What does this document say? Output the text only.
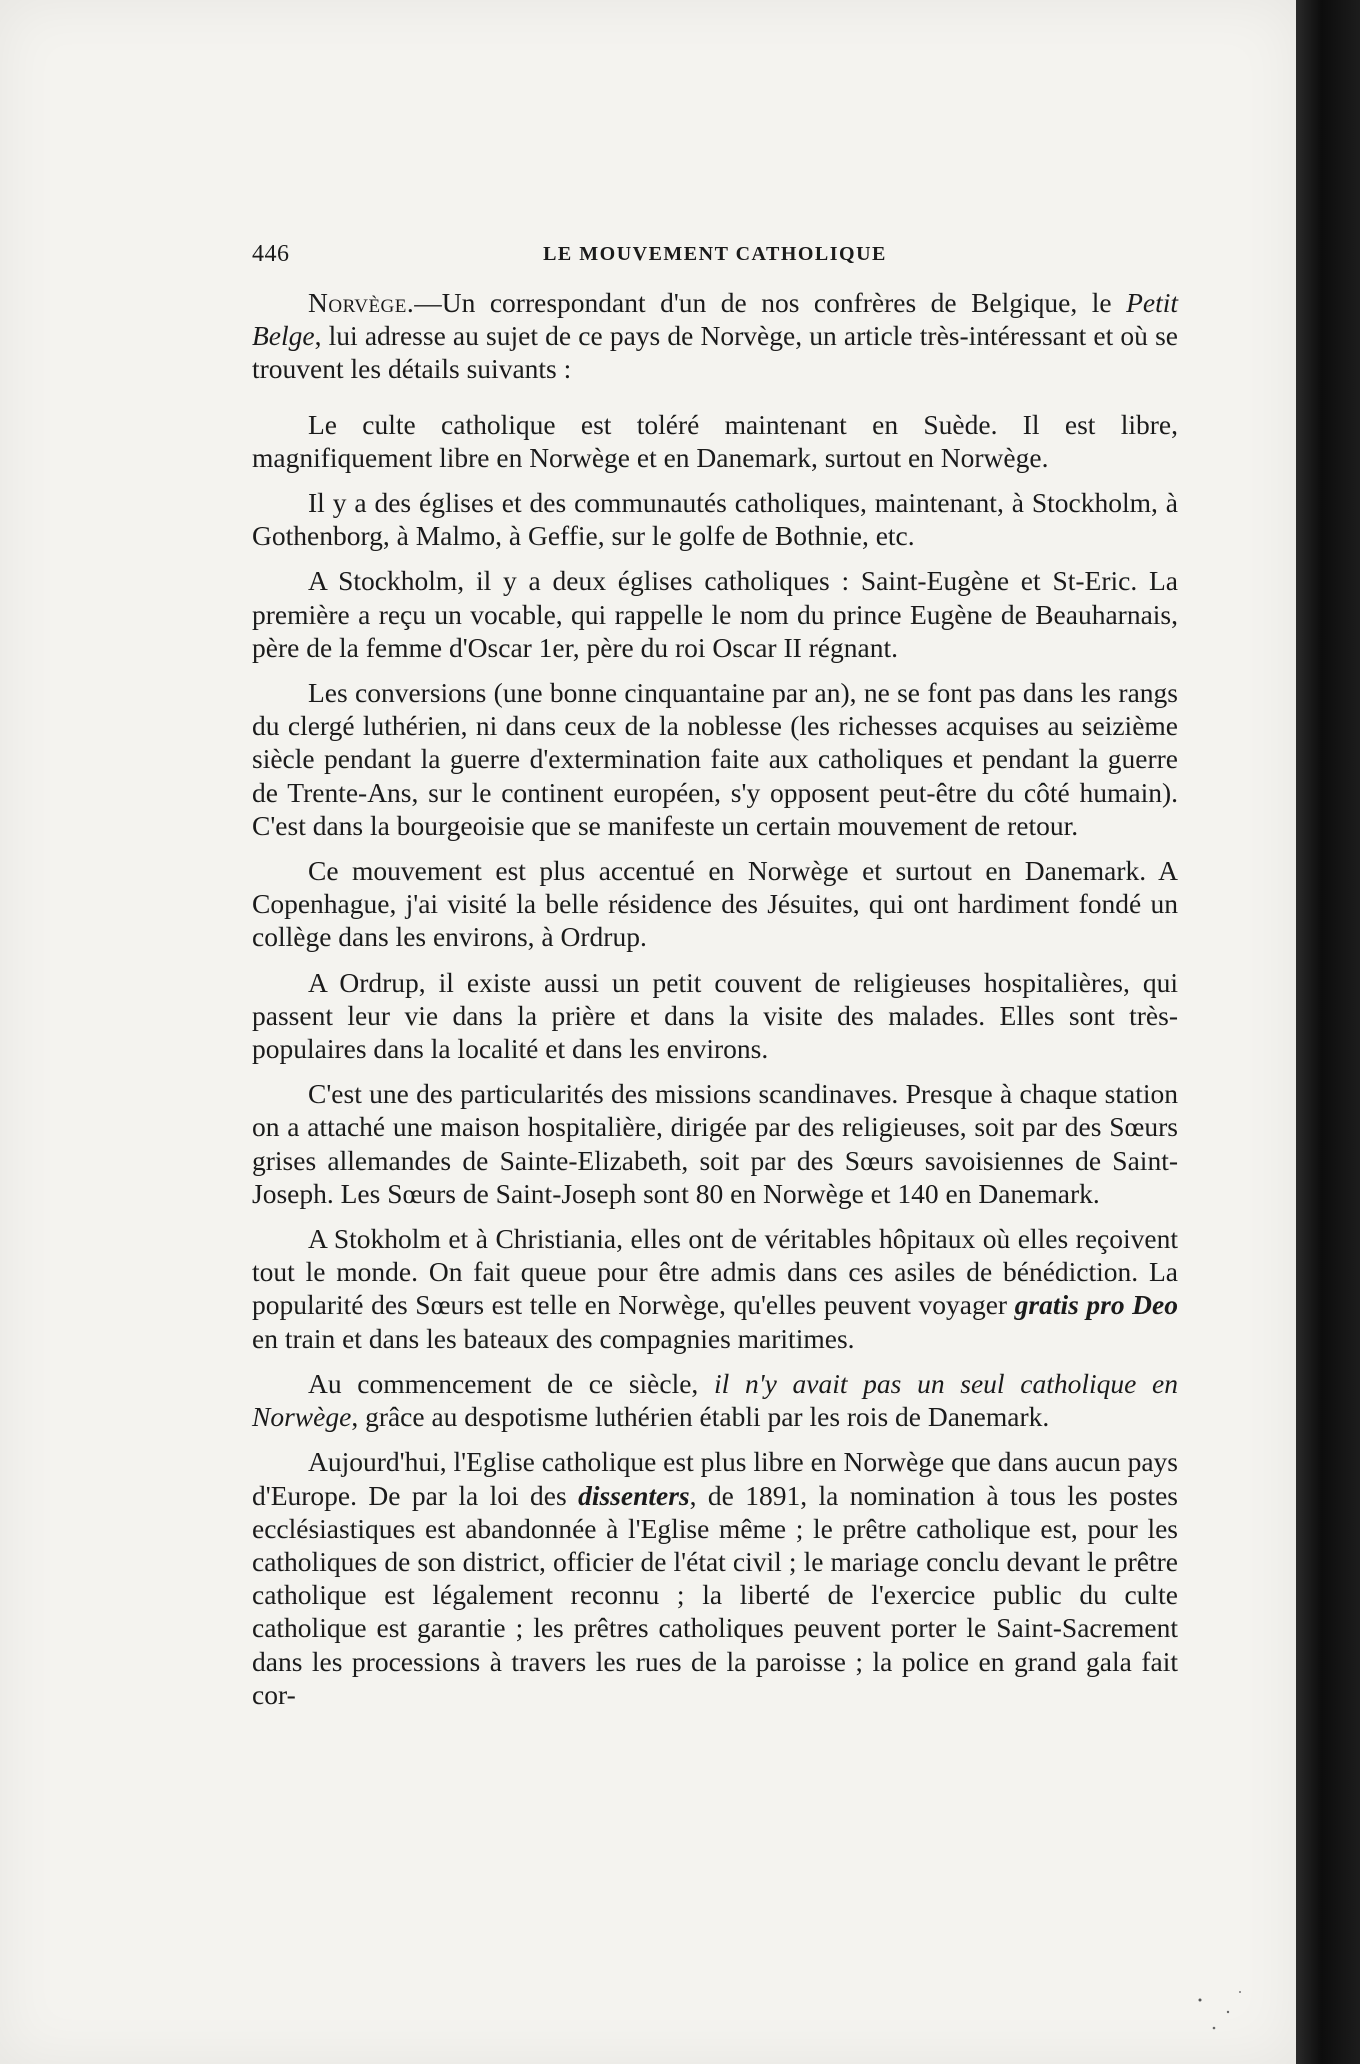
446	LE MOUVEMENT CATHOLIQUE

Norvège.—Un correspondant d'un de nos confrères de Belgique, le Petit Belge, lui adresse au sujet de ce pays de Norvège, un article très-intéressant et où se trouvent les détails suivants :

Le culte catholique est toléré maintenant en Suède. Il est libre, magnifiquement libre en Norwège et en Danemark, surtout en Norwège.

Il y a des églises et des communautés catholiques, maintenant, à Stockholm, à Gothenborg, à Malmo, à Geffie, sur le golfe de Bothnie, etc.

A Stockholm, il y a deux églises catholiques : Saint-Eugène et St-Eric. La première a reçu un vocable, qui rappelle le nom du prince Eugène de Beauharnais, père de la femme d'Oscar 1er, père du roi Oscar II régnant.

Les conversions (une bonne cinquantaine par an), ne se font pas dans les rangs du clergé luthérien, ni dans ceux de la noblesse (les richesses acquises au seizième siècle pendant la guerre d'extermination faite aux catholiques et pendant la guerre de Trente-Ans, sur le continent européen, s'y opposent peut-être du côté humain). C'est dans la bourgeoisie que se manifeste un certain mouvement de retour.

Ce mouvement est plus accentué en Norwège et surtout en Danemark. A Copenhague, j'ai visité la belle résidence des Jésuites, qui ont hardiment fondé un collège dans les environs, à Ordrup.

A Ordrup, il existe aussi un petit couvent de religieuses hospitalières, qui passent leur vie dans la prière et dans la visite des malades. Elles sont très-populaires dans la localité et dans les environs.

C'est une des particularités des missions scandinaves. Presque à chaque station on a attaché une maison hospitalière, dirigée par des religieuses, soit par des Sœurs grises allemandes de Sainte-Elizabeth, soit par des Sœurs savoisiennes de Saint-Joseph. Les Sœurs de Saint-Joseph sont 80 en Norwège et 140 en Danemark.

A Stokholm et à Christiania, elles ont de véritables hôpitaux où elles reçoivent tout le monde. On fait queue pour être admis dans ces asiles de bénédiction. La popularité des Sœurs est telle en Norwège, qu'elles peuvent voyager gratis pro Deo en train et dans les bateaux des compagnies maritimes.

Au commencement de ce siècle, il n'y avait pas un seul catholique en Norwège, grâce au despotisme luthérien établi par les rois de Danemark.

Aujourd'hui, l'Eglise catholique est plus libre en Norwège que dans aucun pays d'Europe. De par la loi des dissenters, de 1891, la nomination à tous les postes ecclésiastiques est abandonnée à l'Eglise même ; le prêtre catholique est, pour les catholiques de son district, officier de l'état civil ; le mariage conclu devant le prêtre catholique est légalement reconnu ; la liberté de l'exercice public du culte catholique est garantie ; les prêtres catholiques peuvent porter le Saint-Sacrement dans les processions à travers les rues de la paroisse ; la police en grand gala fait cor-
